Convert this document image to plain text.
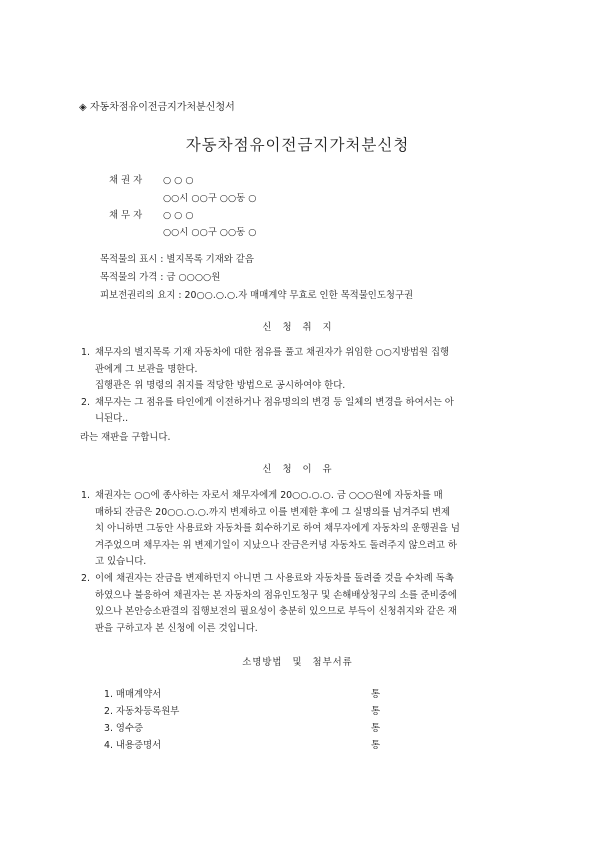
◈ 자동차점유이전금지가처분신청서
자동차점유이전금지가처분신청
채권자 ○ ○ ○
○○시 ○○구 ○○동 ○
채무자 ○ ○ ○
○○시 ○○구 ○○동 ○
목적물의 표시 : 별지목록 기재와 같음
목적물의 가격 : 금 ○○○○원
피보전권리의 요지 : 20○○.○.○.자 매매계약 무효로 인한 목적물인도청구권
신 청 취 지
1. 채무자의 별지목록 기재 자동차에 대한 점유를 풀고 채권자가 위임한 ○○지방법원 집행
관에게 그 보관을 명한다.
집행관은 위 명령의 취지를 적당한 방법으로 공시하여야 한다.
2. 채무자는 그 점유를 타인에게 이전하거나 점유명의의 변경 등 일체의 변경을 하여서는 아
니된다..
라는 재판을 구합니다.
신 청 이 유
1. 채권자는 ○○에 종사하는 자로서 채무자에게 20○○.○.○. 금 ○○○원에 자동차를 매
매하되 잔금은 20○○.○.○.까지 변제하고 이를 변제한 후에 그 실명의를 넘겨주되 변제
치 아니하면 그동안 사용료와 자동차를 회수하기로 하여 채무자에게 자동차의 운행권을 넘
겨주었으며 채무자는 위 변제기일이 지났으나 잔금은커녕 자동차도 돌려주지 않으려고 하
고 있습니다.
2. 이에 채권자는 잔금을 변제하던지 아니면 그 사용료와 자동차를 돌려줄 것을 수차례 독촉
하였으나 불응하여 채권자는 본 자동차의 점유인도청구 및 손해배상청구의 소를 준비중에
있으나 본안승소판결의 집행보전의 필요성이 충분히 있으므로 부득이 신청취지와 같은 재
판을 구하고자 본 신청에 이른 것입니다.
소명방법 및 첨부서류
1. 매매계약서	통
2. 자동차등록원부	통
3. 영수증	통
4. 내용증명서	통
